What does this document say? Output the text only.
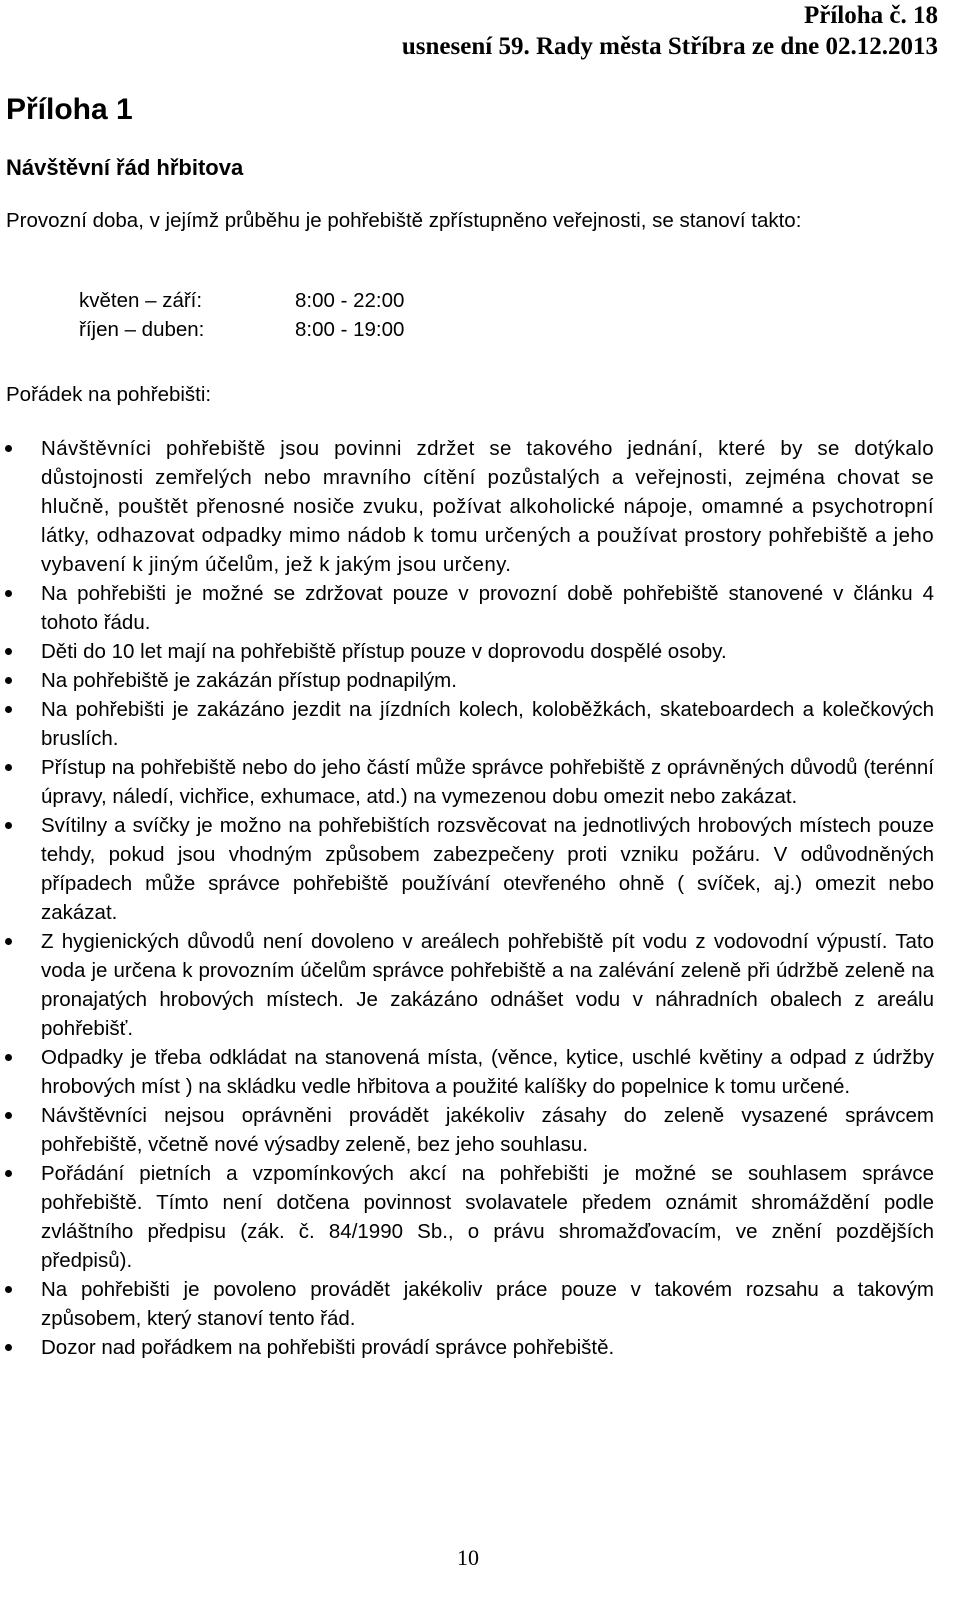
Příloha č. 18
usnesení 59. Rady města Stříbra ze dne 02.12.2013
Příloha 1
Návštěvní řád hřbitova
Provozní doba, v jejímž průběhu je pohřebiště zpřístupněno veřejnosti, se stanoví takto:
květen – září:	8:00 - 22:00
říjen – duben:	8:00 - 19:00
Pořádek na pohřebišti:
Návštěvníci pohřebiště jsou povinni zdržet se takového jednání, které by se dotýkalo důstojnosti zemřelých nebo mravního cítění pozůstalých a veřejnosti, zejména chovat se hlučně, pouštět přenosné nosiče zvuku, požívat alkoholické nápoje, omamné a psychotropní látky, odhazovat odpadky mimo nádob k tomu určených a používat prostory pohřebiště a jeho vybavení k jiným účelům, jež k jakým jsou určeny.
Na pohřebišti je možné se zdržovat pouze v provozní době pohřebiště stanovené v článku 4 tohoto řádu.
Děti do 10 let mají na pohřebiště přístup pouze v doprovodu dospělé osoby.
Na pohřebiště je zakázán přístup podnapilým.
Na pohřebišti je zakázáno jezdit na jízdních kolech, koloběžkách, skateboardech a kolečkových bruslích.
Přístup na pohřebiště nebo do jeho částí může správce pohřebiště z oprávněných důvodů (terénní úpravy, náledí, vichřice, exhumace, atd.) na vymezenou dobu omezit nebo zakázat.
Svítilny a svíčky je možno na pohřebištích rozsvěcovat na jednotlivých hrobových místech pouze tehdy, pokud jsou vhodným způsobem zabezpečeny proti vzniku požáru. V odůvodněných případech může správce pohřebiště používání otevřeného ohně ( svíček, aj.) omezit nebo zakázat.
Z hygienických důvodů není dovoleno v areálech pohřebiště pít vodu z vodovodní výpustí. Tato voda je určena k provozním účelům správce pohřebiště a na zalévání zeleně při údržbě zeleně na pronajatých hrobových místech. Je zakázáno odnášet vodu v náhradních obalech z areálu pohřebišť.
Odpadky je třeba odkládat na stanovená místa, (věnce, kytice, uschlé květiny a odpad z údržby hrobových míst ) na skládku vedle hřbitova a použité kalíšky do popelnice k tomu určené.
Návštěvníci nejsou oprávněni provádět jakékoliv zásahy do zeleně vysazené správcem pohřebiště, včetně nové výsadby zeleně, bez jeho souhlasu.
Pořádání pietních a vzpomínkových akcí na pohřebišti je možné se souhlasem správce pohřebiště. Tímto není dotčena povinnost svolavatele předem oznámit shromáždění podle zvláštního předpisu (zák. č. 84/1990 Sb., o právu shromažďovacím, ve znění pozdějších předpisů).
Na pohřebišti je povoleno provádět jakékoliv práce pouze v takovém rozsahu a takovým způsobem, který stanoví tento řád.
Dozor nad pořádkem na pohřebišti provádí správce pohřebiště.
10
